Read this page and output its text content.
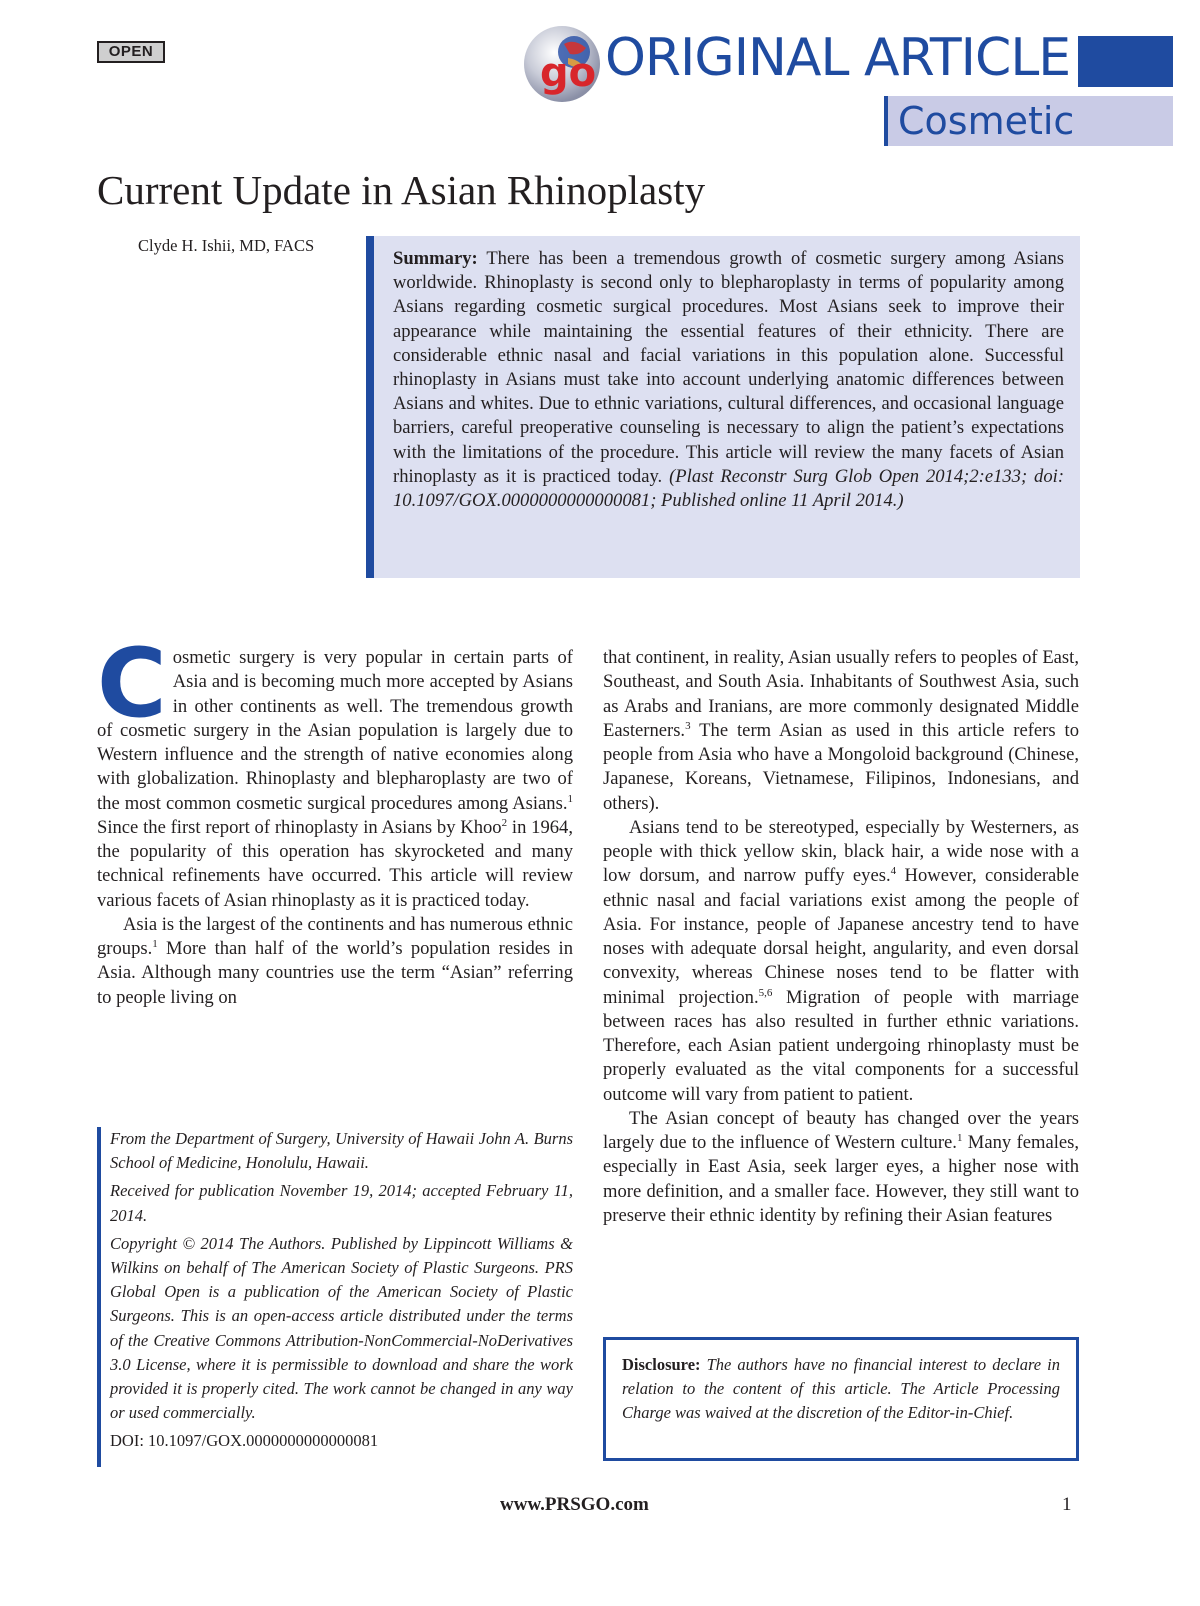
OPEN	go ORIGINAL ARTICLE
Cosmetic
Current Update in Asian Rhinoplasty
Clyde H. Ishii, MD, FACS

Summary: There has been a tremendous growth of cosmetic surgery among Asians worldwide. Rhinoplasty is second only to blepharoplasty in terms of popularity among Asians regarding cosmetic surgical procedures. Most Asians seek to improve their appearance while maintaining the essential features of their ethnicity. There are considerable ethnic nasal and facial variations in this population alone. Successful rhinoplasty in Asians must take into account underlying anatomic differences between Asians and whites. Due to ethnic variations, cultural differences, and occasional language barriers, careful preoperative counseling is necessary to align the patient’s expectations with the limitations of the procedure. This article will review the many facets of Asian rhinoplasty as it is practiced today. (Plast Reconstr Surg Glob Open 2014;2:e133; doi: 10.1097/GOX.0000000000000081; Published online 11 April 2014.)

Cosmetic surgery is very popular in certain parts of Asia and is becoming much more accepted by Asians in other continents as well. The tremendous growth of cosmetic surgery in the Asian population is largely due to Western influence and the strength of native economies along with globalization. Rhinoplasty and blepharoplasty are two of the most common cosmetic surgical procedures among Asians.$^1$ Since the first report of rhinoplasty in Asians by Khoo$^2$ in 1964, the popularity of this operation has skyrocketed and many technical refinements have occurred. This article will review various facets of Asian rhinoplasty as it is practiced today.

Asia is the largest of the continents and has numerous ethnic groups.$^1$ More than half of the world’s population resides in Asia. Although many countries use the term “Asian” referring to people living on

that continent, in reality, Asian usually refers to peoples of East, Southeast, and South Asia. Inhabitants of Southwest Asia, such as Arabs and Iranians, are more commonly designated Middle Easterners.$^3$ The term Asian as used in this article refers to people from Asia who have a Mongoloid background (Chinese, Japanese, Koreans, Vietnamese, Filipinos, Indonesians, and others).

Asians tend to be stereotyped, especially by Westerners, as people with thick yellow skin, black hair, a wide nose with a low dorsum, and narrow puffy eyes.$^4$ However, considerable ethnic nasal and facial variations exist among the people of Asia. For instance, people of Japanese ancestry tend to have noses with adequate dorsal height, angularity, and even dorsal convexity, whereas Chinese noses tend to be flatter with minimal projection.$^{5,6}$ Migration of people with marriage between races has also resulted in further ethnic variations. Therefore, each Asian patient undergoing rhinoplasty must be properly evaluated as the vital components for a successful outcome will vary from patient to patient.

The Asian concept of beauty has changed over the years largely due to the influence of Western culture.$^1$ Many females, especially in East Asia, seek larger eyes, a higher nose with more definition, and a smaller face. However, they still want to preserve their ethnic identity by refining their Asian features

From the Department of Surgery, University of Hawaii John A. Burns School of Medicine, Honolulu, Hawaii.

Received for publication November 19, 2014; accepted February 11, 2014.

Copyright © 2014 The Authors. Published by Lippincott Williams & Wilkins on behalf of The American Society of Plastic Surgeons. PRS Global Open is a publication of the American Society of Plastic Surgeons. This is an open-access article distributed under the terms of the Creative Commons Attribution-NonCommercial-NoDerivatives 3.0 License, where it is permissible to download and share the work provided it is properly cited. The work cannot be changed in any way or used commercially.

DOI: 10.1097/GOX.0000000000000081

Disclosure: The authors have no financial interest to declare in relation to the content of this article. The Article Processing Charge was waived at the discretion of the Editor-in-Chief.
www.PRSGO.com	1
